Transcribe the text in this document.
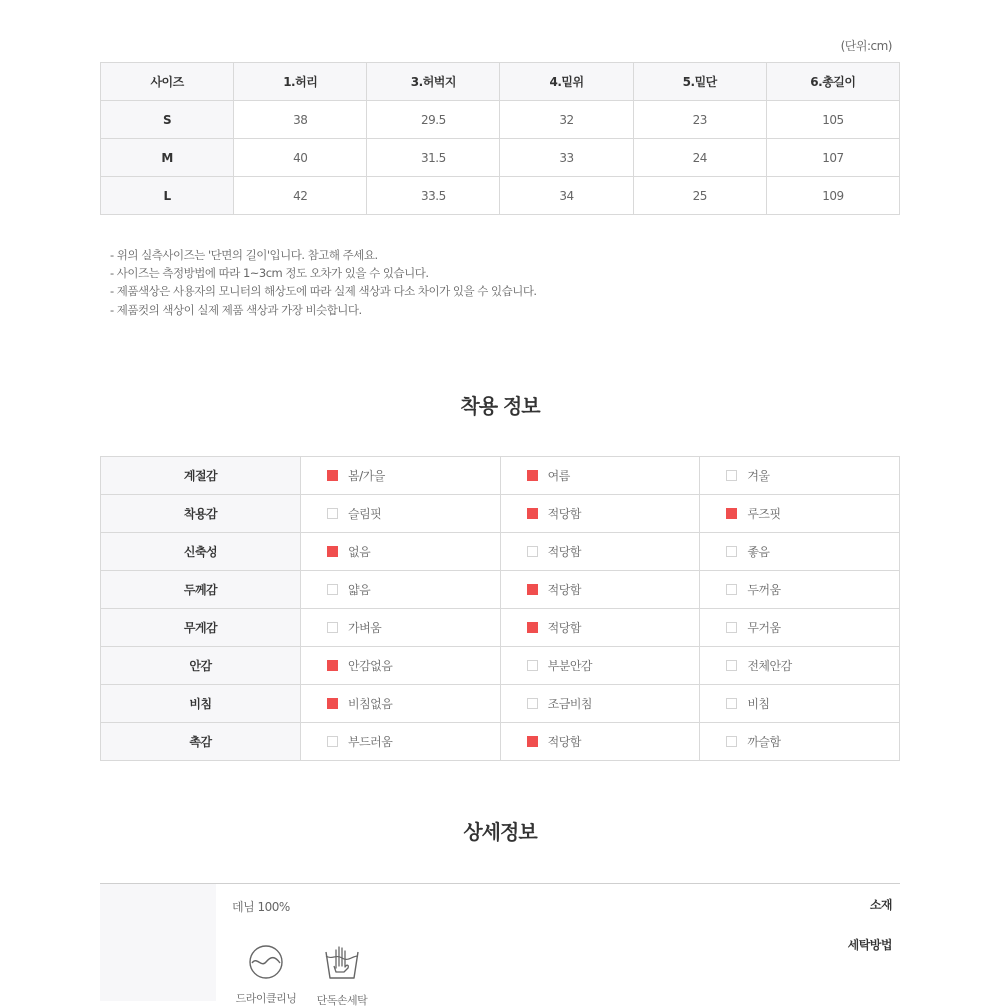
(단위:cm)
사이즈	1.허리	3.허벅지	4.밑위	5.밑단	6.총길이
S	38	29.5	32	23	105
M	40	31.5	33	24	107
L	42	33.5	34	25	109
- 위의 실측사이즈는 '단면의 길이'입니다. 참고해 주세요.
- 사이즈는 측정방법에 따라 1~3cm 정도 오차가 있을 수 있습니다.
- 제품색상은 사용자의 모니터의 해상도에 따라 실제 색상과 다소 차이가 있을 수 있습니다.
- 제품컷의 색상이 실제 제품 색상과 가장 비슷합니다.
착용 정보
계절감	봄/가을	여름	겨울
착용감	슬림핏	적당함	루즈핏
신축성	없음	적당함	좋음
두께감	얇음	적당함	두꺼움
무게감	가벼움	적당함	무거움
안감	안감없음	부분안감	전체안감
비침	비침없음	조금비침	비침
촉감	부드러움	적당함	까슬함
상세정보
소재
데님 100%
세탁방법
드라이클리닝	단독손세탁
